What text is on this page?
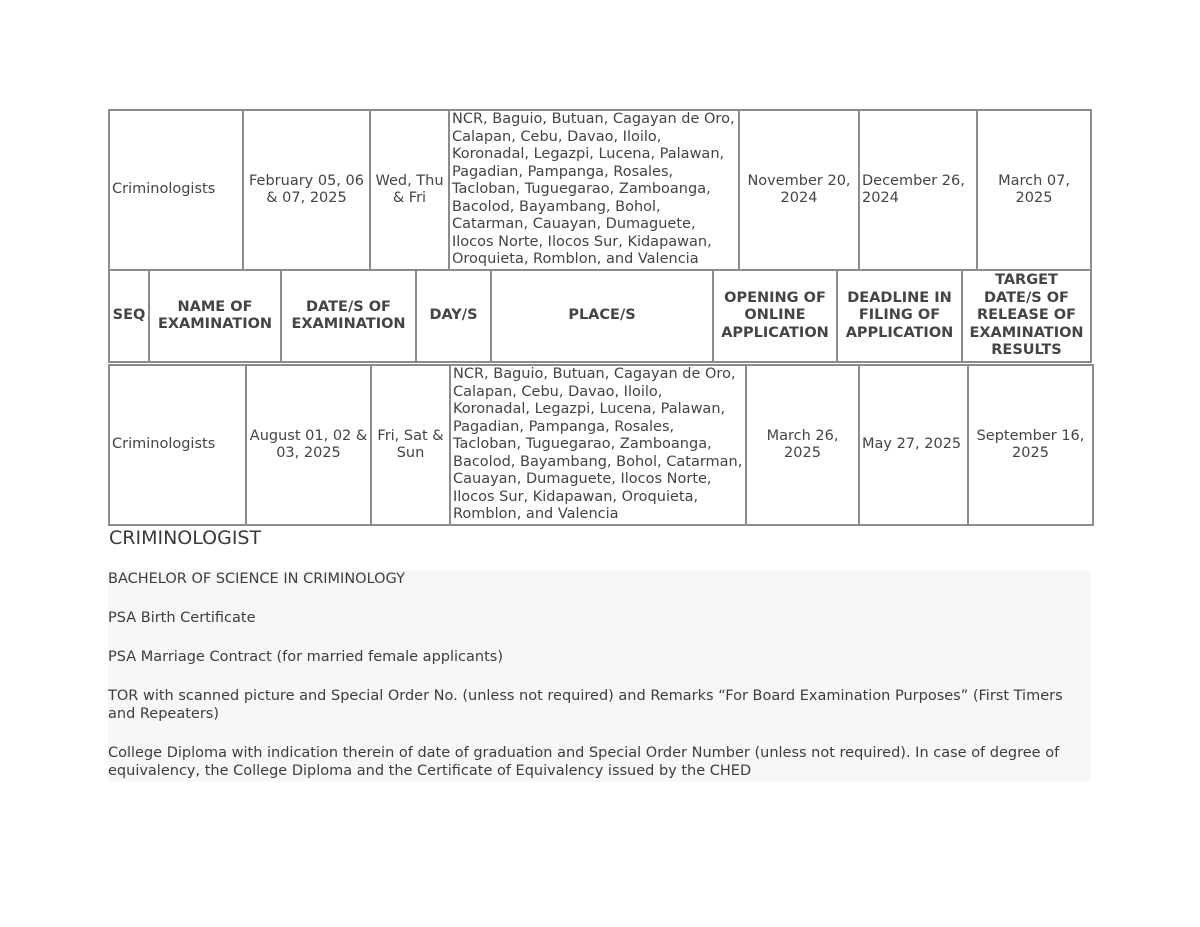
Criminologists	February 05, 06 & 07, 2025	Wed, Thu & Fri	NCR, Baguio, Butuan, Cagayan de Oro, Calapan, Cebu, Davao, Iloilo, Koronadal, Legazpi, Lucena, Palawan, Pagadian, Pampanga, Rosales, Tacloban, Tuguegarao, Zamboanga, Bacolod, Bayambang, Bohol, Catarman, Cauayan, Dumaguete, Ilocos Norte, Ilocos Sur, Kidapawan, Oroquieta, Romblon, and Valencia	November 20, 2024	December 26, 2024	March 07, 2025
SEQ	NAME OF EXAMINATION	DATE/S OF EXAMINATION	DAY/S	PLACE/S	OPENING OF ONLINE APPLICATION	DEADLINE IN FILING OF APPLICATION	TARGET DATE/S OF RELEASE OF EXAMINATION RESULTS
Criminologists	August 01, 02 & 03, 2025	Fri, Sat & Sun	NCR, Baguio, Butuan, Cagayan de Oro, Calapan, Cebu, Davao, Iloilo, Koronadal, Legazpi, Lucena, Palawan, Pagadian, Pampanga, Rosales, Tacloban, Tuguegarao, Zamboanga, Bacolod, Bayambang, Bohol, Catarman, Cauayan, Dumaguete, Ilocos Norte, Ilocos Sur, Kidapawan, Oroquieta, Romblon, and Valencia	March 26, 2025	May 27, 2025	September 16, 2025
CRIMINOLOGIST

BACHELOR OF SCIENCE IN CRIMINOLOGY

PSA Birth Certificate

PSA Marriage Contract (for married female applicants)

TOR with scanned picture and Special Order No. (unless not required) and Remarks “For Board Examination Purposes” (First Timers and Repeaters)

College Diploma with indication therein of date of graduation and Special Order Number (unless not required). In case of degree of equivalency, the College Diploma and the Certificate of Equivalency issued by the CHED
